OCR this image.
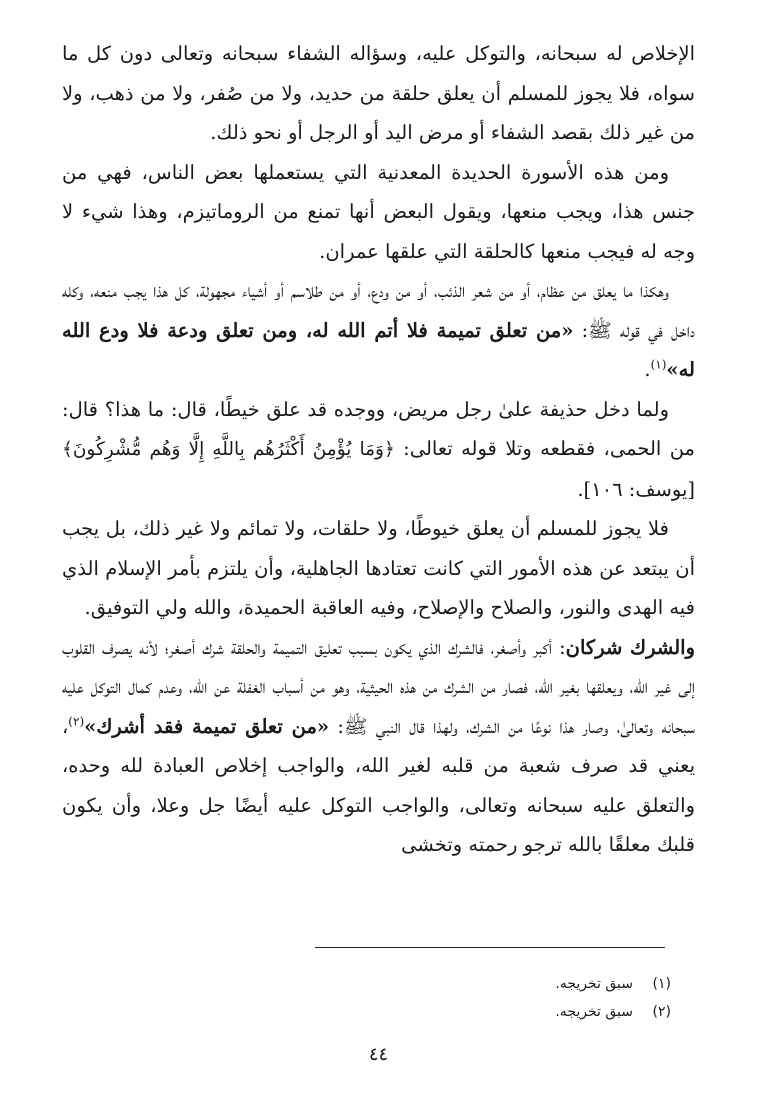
الإخلاص له سبحانه، والتوكل عليه، وسؤاله الشفاء سبحانه وتعالى دون كل ما سواه، فلا يجوز للمسلم أن يعلق حلقة من حديد، ولا من صُفر، ولا من ذهب، ولا من غير ذلك بقصد الشفاء أو مرض اليد أو الرجل أو نحو ذلك.

ومن هذه الأسورة الحديدة المعدنية التي يستعملها بعض الناس، فهي من جنس هذا، ويجب منعها، ويقول البعض أنها تمنع من الروماتيزم، وهذا شيء لا وجه له فيجب منعها كالحلقة التي علقها عمران.

وهكذا ما يعلق من عظام، أو من شعر الذئب، أو من ودع، أو من طلاسم أو أشياء مجهولة، كل هذا يجب منعه، وكله داخل في قوله ﷺ: «من تعلق تميمة فلا أتم الله له، ومن تعلق ودعة فلا ودع الله له»$^{(١)}$.

ولما دخل حذيفة علىٰ رجل مريض، ووجده قد علق خيطًا، قال: ما هذا؟ قال: من الحمى، فقطعه وتلا قوله تعالى: ﴿وَمَا يُؤْمِنُ أَكْثَرُهُم بِاللَّهِ إِلَّا وَهُم مُّشْرِكُونَ﴾ [يوسف: ١٠٦].

فلا يجوز للمسلم أن يعلق خيوطًا، ولا حلقات، ولا تمائم ولا غير ذلك، بل يجب أن يبتعد عن هذه الأمور التي كانت تعتادها الجاهلية، وأن يلتزم بأمر الإسلام الذي فيه الهدى والنور، والصلاح والإصلاح، وفيه العاقبة الحميدة، والله ولي التوفيق.

والشرك شركان: أكبر وأصغر، فالشرك الذي يكون بسبب تعليق التميمة والحلقة شرك أصغر؛ لأنه يصرف القلوب إلى غير الله، ويعلقها بغير الله، فصار من الشرك من هذه الحيثية، وهو من أسباب الغفلة عن الله، وعدم كمال التوكل عليه سبحانه وتعالىٰ، وصار هذا نوعًا من الشرك، ولهذا قال النبي ﷺ: «من تعلق تميمة فقد أشرك»$^{(٢)}$، يعني قد صرف شعبة من قلبه لغير الله، والواجب إخلاص العبادة لله وحده، والتعلق عليه سبحانه وتعالى، والواجب التوكل عليه أيضًا جل وعلا، وأن يكون قلبك معلقًا بالله ترجو رحمته وتخشى

(١)سبق تخريجه.
(٢)سبق تخريجه.
٤٤
